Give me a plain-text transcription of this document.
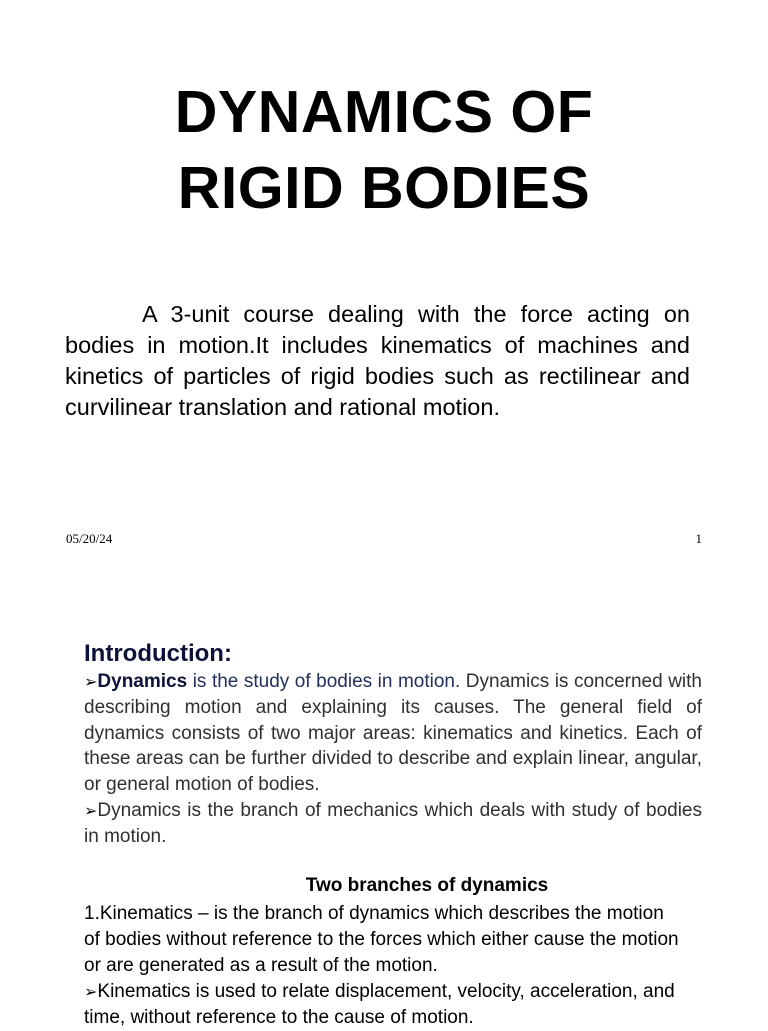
DYNAMICS OF
RIGID BODIES

A 3-unit course dealing with the force acting on bodies in motion.It includes kinematics of machines and kinetics of particles of rigid bodies such as rectilinear and curvilinear translation and rational motion.

05/20/24	1
Introduction:
➢Dynamics is the study of bodies in motion. Dynamics is concerned with describing motion and explaining its causes. The general field of dynamics consists of two major areas: kinematics and kinetics. Each of these areas can be further divided to describe and explain linear, angular, or general motion of bodies.
➢Dynamics is the branch of mechanics which deals with study of bodies in motion.
Two branches of dynamics
1.Kinematics – is the branch of dynamics which describes the motion of bodies without reference to the forces which either cause the motion or are generated as a result of the motion.
➢Kinematics is used to relate displacement, velocity, acceleration, and time, without reference to the cause of motion.
